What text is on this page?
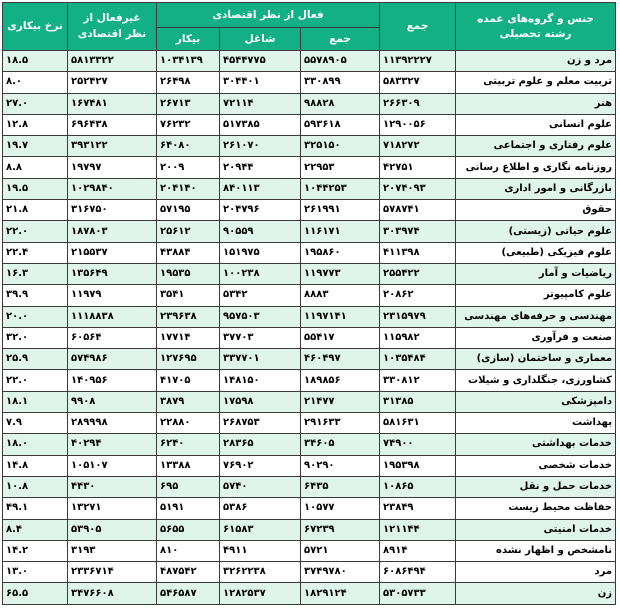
جنس و گروه‌های عمده رشته تحصیلی	جمع	فعال از نظر اقتصادی			غیرفعال از نظر اقتصادی	نرخ بیکاری
		جمع	شاغل	بیکار		
مرد و زن	۱۱۳۹۲۲۲۷	۵۵۷۸۹۰۵	۴۵۴۴۷۷۵	۱۰۳۴۱۳۹	۵۸۱۳۳۲۲	۱۸.۵
تربیت معلم و علوم تربیتی	۵۸۳۳۲۷	۳۳۰۸۹۹	۳۰۴۴۰۱	۲۶۴۹۸	۲۵۲۴۲۷	۸.۰
هنر	۲۶۶۳۰۹	۹۸۸۲۸	۷۲۱۱۴	۲۶۷۱۳	۱۶۷۴۸۱	۲۷.۰
علوم انسانی	۱۲۹۰۰۵۶	۵۹۳۶۱۸	۵۱۷۳۸۵	۷۶۲۳۲	۶۹۶۴۳۸	۱۲.۸
علوم رفتاری و اجتماعی	۷۱۸۲۷۲	۳۲۵۱۵۰	۲۶۱۰۷۰	۶۴۰۸۰	۳۹۳۱۲۲	۱۹.۷
روزنامه نگاری و اطلاع رسانی	۴۲۷۵۱	۲۲۹۵۳	۲۰۹۴۴	۲۰۰۹	۱۹۷۹۷	۸.۸
بازرگانی و امور اداری	۲۰۷۴۰۹۳	۱۰۴۴۲۵۳	۸۴۰۱۱۳	۲۰۴۱۴۰	۱۰۲۹۸۴۰	۱۹.۵
حقوق	۵۷۸۷۴۱	۲۶۱۹۹۱	۲۰۴۷۹۶	۵۷۱۹۵	۳۱۶۷۵۰	۲۱.۸
علوم حیاتی (زیستی)	۳۰۳۹۷۴	۱۱۶۱۷۱	۹۰۵۵۹	۲۵۶۱۲	۱۸۷۸۰۳	۲۲.۰
علوم فیزیکی (طبیعی)	۴۱۱۳۹۸	۱۹۵۸۶۰	۱۵۱۹۷۵	۴۳۸۸۴	۲۱۵۵۳۷	۲۲.۴
ریاضیات و آمار	۲۵۵۴۲۲	۱۱۹۷۷۳	۱۰۰۲۳۸	۱۹۵۳۵	۱۳۵۶۴۹	۱۶.۳
علوم کامپیوتر	۲۰۸۶۲	۸۸۸۳	۵۳۴۲	۳۵۴۱	۱۱۹۷۹	۳۹.۹
مهندسی و حرفه‌های مهندسی	۲۳۱۵۹۷۹	۱۱۹۷۱۴۱	۹۵۷۵۰۳	۲۳۹۶۳۸	۱۱۱۸۸۳۸	۲۰.۰
صنعت و فرآوری	۱۱۵۹۸۲	۵۵۴۱۷	۳۷۷۰۳	۱۷۷۱۴	۶۰۵۶۴	۳۲.۰
معماری و ساختمان (سازی)	۱۰۳۵۴۸۴	۴۶۰۴۹۷	۳۳۷۷۰۱	۱۲۷۶۹۵	۵۷۴۹۸۶	۲۵.۹
کشاورزی، جنگلداری و شیلات	۳۳۰۸۱۲	۱۸۹۸۵۶	۱۴۸۱۵۰	۴۱۷۰۵	۱۴۰۹۵۶	۲۲.۰
دامپزشکی	۳۱۳۸۵	۲۱۴۷۷	۱۷۵۹۸	۳۸۷۹	۹۹۰۸	۱۸.۱
بهداشت	۵۸۱۶۳۱	۲۹۱۶۳۳	۲۶۸۷۵۳	۲۲۸۸۰	۲۸۹۹۹۸	۷.۹
خدمات بهداشتی	۷۴۹۰۰	۳۴۶۰۵	۲۸۳۶۵	۶۲۴۰	۴۰۲۹۴	۱۸.۰
خدمات شخصی	۱۹۵۳۹۸	۹۰۲۹۰	۷۶۹۰۲	۱۳۳۸۸	۱۰۵۱۰۷	۱۴.۸
خدمات حمل و نقل	۱۰۸۶۵	۶۴۳۵	۵۷۴۰	۶۹۵	۴۴۳۰	۱۰.۸
حفاظت محیط زیست	۲۳۸۴۹	۱۰۵۷۷	۵۳۸۶	۵۱۹۱	۱۳۲۷۱	۴۹.۱
خدمات امنیتی	۱۲۱۱۴۴	۶۷۲۳۹	۶۱۵۸۳	۵۶۵۵	۵۳۹۰۵	۸.۴
نامشخص و اظهار نشده	۸۹۱۴	۵۷۲۱	۴۹۱۱	۸۱۰	۳۱۹۳	۱۴.۲
مرد	۶۰۸۶۴۹۴	۳۷۴۹۷۸۰	۳۲۶۲۲۳۸	۴۸۷۵۴۲	۲۳۳۶۷۱۴	۱۳.۰
زن	۵۳۰۵۷۳۳	۱۸۲۹۱۲۴	۱۲۸۲۵۳۷	۵۴۶۵۸۷	۳۴۷۶۶۰۸	۶۵.۵
